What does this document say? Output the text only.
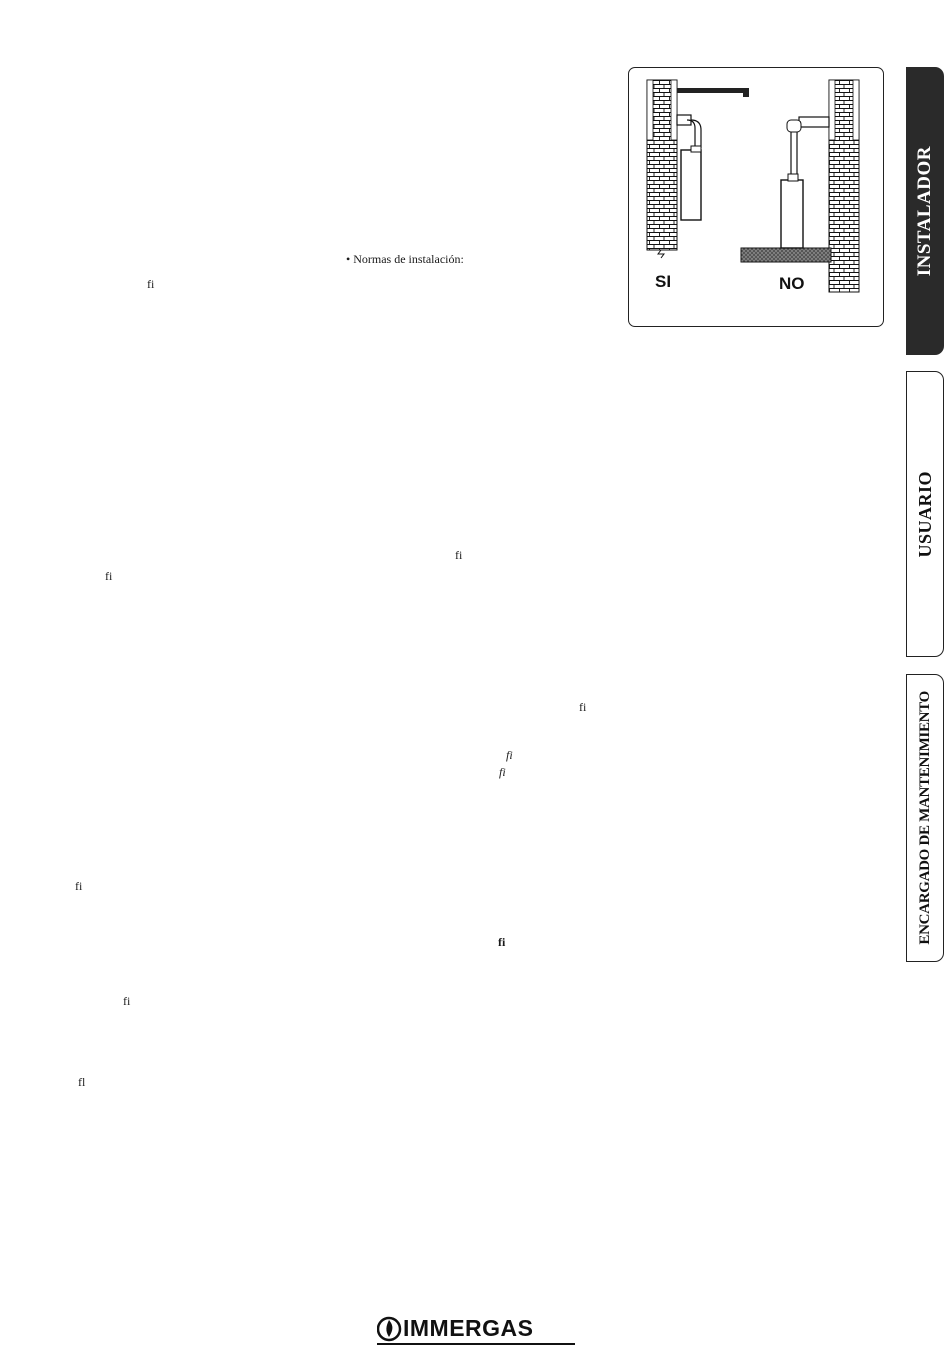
• Normas de instalación:
fi
fi
fi
fi
fi
fi
fi
fi
fi
fl
SI	NO
INSTALADOR
USUARIO
ENCARGADO DE MANTENIMIENTO
IMMERGAS
